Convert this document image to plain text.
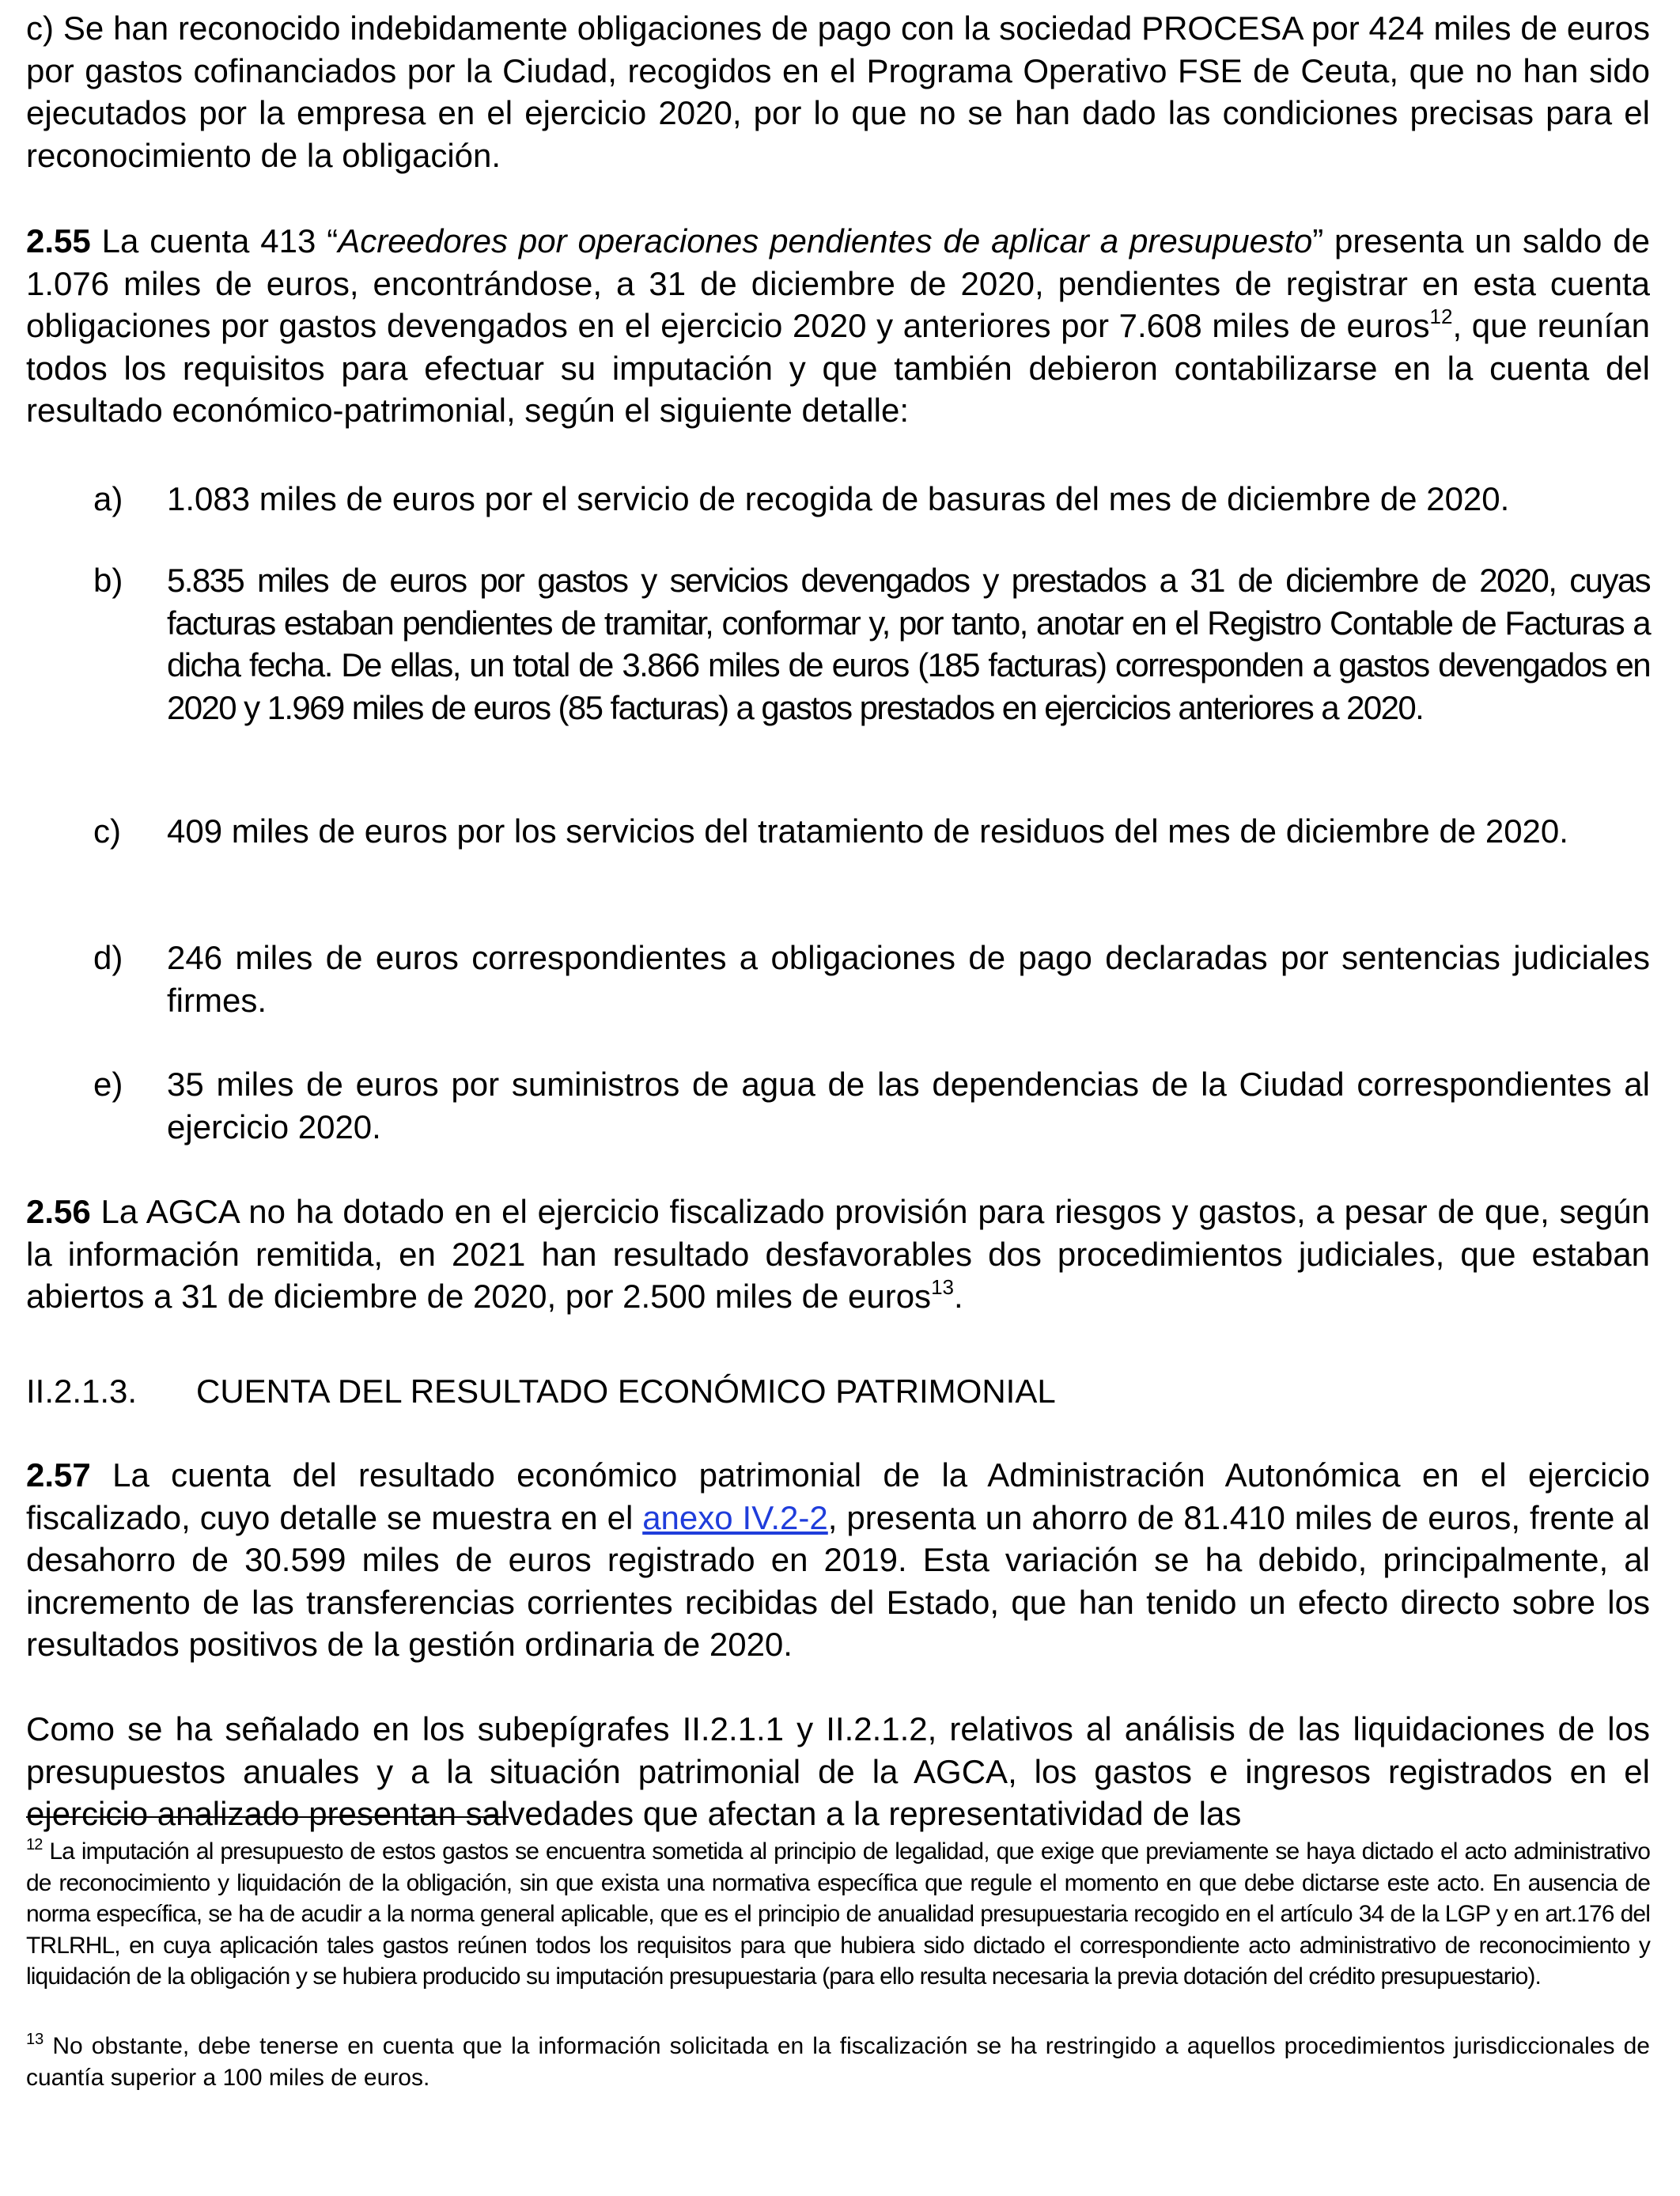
c) Se han reconocido indebidamente obligaciones de pago con la sociedad PROCESA por 424 miles de euros por gastos cofinanciados por la Ciudad, recogidos en el Programa Operativo FSE de Ceuta, que no han sido ejecutados por la empresa en el ejercicio 2020, por lo que no se han dado las condiciones precisas para el reconocimiento de la obligación.

2.55 La cuenta 413 “Acreedores por operaciones pendientes de aplicar a presupuesto” presenta un saldo de 1.076 miles de euros, encontrándose, a 31 de diciembre de 2020, pendientes de registrar en esta cuenta obligaciones por gastos devengados en el ejercicio 2020 y anteriores por 7.608 miles de euros$^{12}$, que reunían todos los requisitos para efectuar su imputación y que también debieron contabilizarse en la cuenta del resultado económico-patrimonial, según el siguiente detalle:

a) 1.083 miles de euros por el servicio de recogida de basuras del mes de diciembre de 2020.
b) 5.835 miles de euros por gastos y servicios devengados y prestados a 31 de diciembre de 2020, cuyas facturas estaban pendientes de tramitar, conformar y, por tanto, anotar en el Registro Contable de Facturas a dicha fecha. De ellas, un total de 3.866 miles de euros (185 facturas) corresponden a gastos devengados en 2020 y 1.969 miles de euros (85 facturas) a gastos prestados en ejercicios anteriores a 2020.
c) 409 miles de euros por los servicios del tratamiento de residuos del mes de diciembre de 2020.
d) 246 miles de euros correspondientes a obligaciones de pago declaradas por sentencias judiciales firmes.
e) 35 miles de euros por suministros de agua de las dependencias de la Ciudad correspondientes al ejercicio 2020.

2.56 La AGCA no ha dotado en el ejercicio fiscalizado provisión para riesgos y gastos, a pesar de que, según la información remitida, en 2021 han resultado desfavorables dos procedimientos judiciales, que estaban abiertos a 31 de diciembre de 2020, por 2.500 miles de euros$^{13}$.

II.2.1.3. CUENTA DEL RESULTADO ECONÓMICO PATRIMONIAL

2.57 La cuenta del resultado económico patrimonial de la Administración Autonómica en el ejercicio fiscalizado, cuyo detalle se muestra en el anexo IV.2-2, presenta un ahorro de 81.410 miles de euros, frente al desahorro de 30.599 miles de euros registrado en 2019. Esta variación se ha debido, principalmente, al incremento de las transferencias corrientes recibidas del Estado, que han tenido un efecto directo sobre los resultados positivos de la gestión ordinaria de 2020.

Como se ha señalado en los subepígrafes II.2.1.1 y II.2.1.2, relativos al análisis de las liquidaciones de los presupuestos anuales y a la situación patrimonial de la AGCA, los gastos e ingresos registrados en el ejercicio analizado presentan salvedades que afectan a la representatividad de las

$^{12}$ La imputación al presupuesto de estos gastos se encuentra sometida al principio de legalidad, que exige que previamente se haya dictado el acto administrativo de reconocimiento y liquidación de la obligación, sin que exista una normativa específica que regule el momento en que debe dictarse este acto. En ausencia de norma específica, se ha de acudir a la norma general aplicable, que es el principio de anualidad presupuestaria recogido en el artículo 34 de la LGP y en art.176 del TRLRHL, en cuya aplicación tales gastos reúnen todos los requisitos para que hubiera sido dictado el correspondiente acto administrativo de reconocimiento y liquidación de la obligación y se hubiera producido su imputación presupuestaria (para ello resulta necesaria la previa dotación del crédito presupuestario).
$^{13}$ No obstante, debe tenerse en cuenta que la información solicitada en la fiscalización se ha restringido a aquellos procedimientos jurisdiccionales de cuantía superior a 100 miles de euros.
